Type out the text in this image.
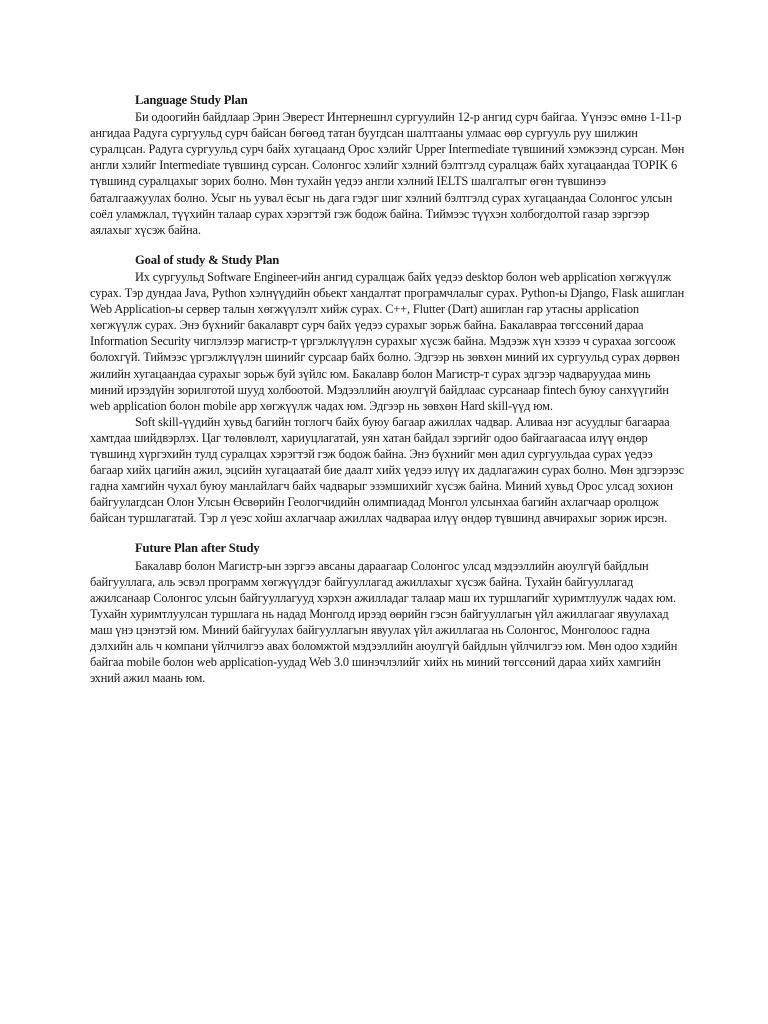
Language Study Plan

Би одоогийн байдлаар Эрин Эверест Интернешнл сургуулийн 12-р ангид сурч байгаа. Үүнээс өмнө 1-11-р ангидаа Радуга сургуульд сурч байсан бөгөөд татан буугдсан шалтгааны улмаас өөр сургууль руу шилжин суралцсан. Радуга сургуульд сурч байх хугацаанд Орос хэлийг Upper Intermediate түвшиний хэмжээнд сурсан. Мөн англи хэлийг Intermediate түвшинд сурсан. Солонгос хэлийг хэлний бэлтгэлд суралцаж байх хугацаандаа TOPIK 6 түвшинд суралцахыг зорих болно. Мөн тухайн үедээ англи хэлний IELTS шалгалтыг өгөн түвшинээ баталгаажуулах болно. Усыг нь уувал ёсыг нь дага гэдэг шиг хэлний бэлтгэлд сурах хугацаандаа Солонгос улсын соёл уламжлал, түүхийн талаар сурах хэрэгтэй гэж бодож байна. Тиймээс түүхэн холбогдолтой газар зэргээр аялахыг хүсэж байна.

Goal of study & Study Plan

Их сургуульд Software Engineer-ийн ангид суралцаж байх үедээ desktop болон web application хөгжүүлж сурах. Тэр дундаа Java, Python хэлнүүдийн обьект хандалтат програмчлалыг сурах. Python-ы Django, Flask ашиглан Web Application-ы сервер талын хөгжүүлэлт хийж сурах. C++, Flutter (Dart) ашиглан гар утасны application хөгжүүлж сурах. Энэ бүхнийг бакалаврт сурч байх үедээ сурахыг зорьж байна. Бакалавраа төгссөний дараа Information Security чиглэлээр магистр-т үргэлжлүүлэн сурахыг хүсэж байна. Мэдээж хүн хэзээ ч сурахаа зогсоож болохгүй. Тиймээс үргэлжлүүлэн шинийг сурсаар байх болно. Эдгээр нь зөвхөн миний их сургуульд сурах дөрвөн жилийн хугацаандаа сурахыг зорьж буй зүйлс юм. Бакалавр болон Магистр-т сурах эдгээр чадваруудаа минь миний ирээдүйн зорилготой шууд холбоотой. Мэдээллийн аюулгүй байдлаас сурсанаар fintech буюу санхүүгийн web application болон mobile app хөгжүүлж чадах юм. Эдгээр нь зөвхөн Hard skill-үүд юм.

Soft skill-үүдийн хувьд багийн тоглогч байх буюу багаар ажиллах чадвар. Аливаа нэг асуудлыг багаараа хамтдаа шийдвэрлэх. Цаг төлөвлөлт, хариуцлагатай, уян хатан байдал зэргийг одоо байгаагаасаа илүү өндөр түвшинд хүргэхийн тулд суралцах хэрэгтэй гэж бодож байна. Энэ бүхнийг мөн адил сургуульдаа сурах үедээ багаар хийх цагийн ажил, эцсийн хугацаатай бие даалт хийх үедээ илүү их дадлагажин сурах болно. Мөн эдгээрээс гадна хамгийн чухал буюу манлайлагч байх чадварыг эзэмшихийг хүсэж байна. Миний хувьд Орос улсад зохион байгуулагдсан Олон Улсын Өсвөрийн Геологчидийн олимпиадад Монгол улсынхаа багийн ахлагчаар оролцож байсан туршлагатай. Тэр л үеэс хойш ахлагчаар ажиллах чадвараа илүү өндөр түвшинд авчирахыг зориж ирсэн.

Future Plan after Study

Бакалавр болон Магистр-ын зэргээ авсаны дараагаар Солонгос улсад мэдээллийн аюулгүй байдлын байгууллага, аль эсвэл программ хөгжүүлдэг байгууллагад ажиллахыг хүсэж байна. Тухайн байгууллагад ажилсанаар Солонгос улсын байгууллагууд хэрхэн ажилладаг талаар маш их туршлагийг хуримтлуулж чадах юм. Тухайн хуримтлуулсан туршлага нь надад Монголд ирээд өөрийн гэсэн байгууллагын үйл ажиллагааг явуулахад маш үнэ цэнэтэй юм. Миний байгуулах байгууллагын явуулах үйл ажиллагаа нь Солонгос, Монголоос гадна дэлхийн аль ч компани үйлчилгээ авах боломжтой мэдээллийн аюулгүй байдлын үйлчилгээ юм. Мөн одоо хэдийн байгаа mobile болон web application-уудад Web 3.0 шинэчлэлийг хийх нь миний төгссөний дараа хийх хамгийн эхний ажил маань юм.
